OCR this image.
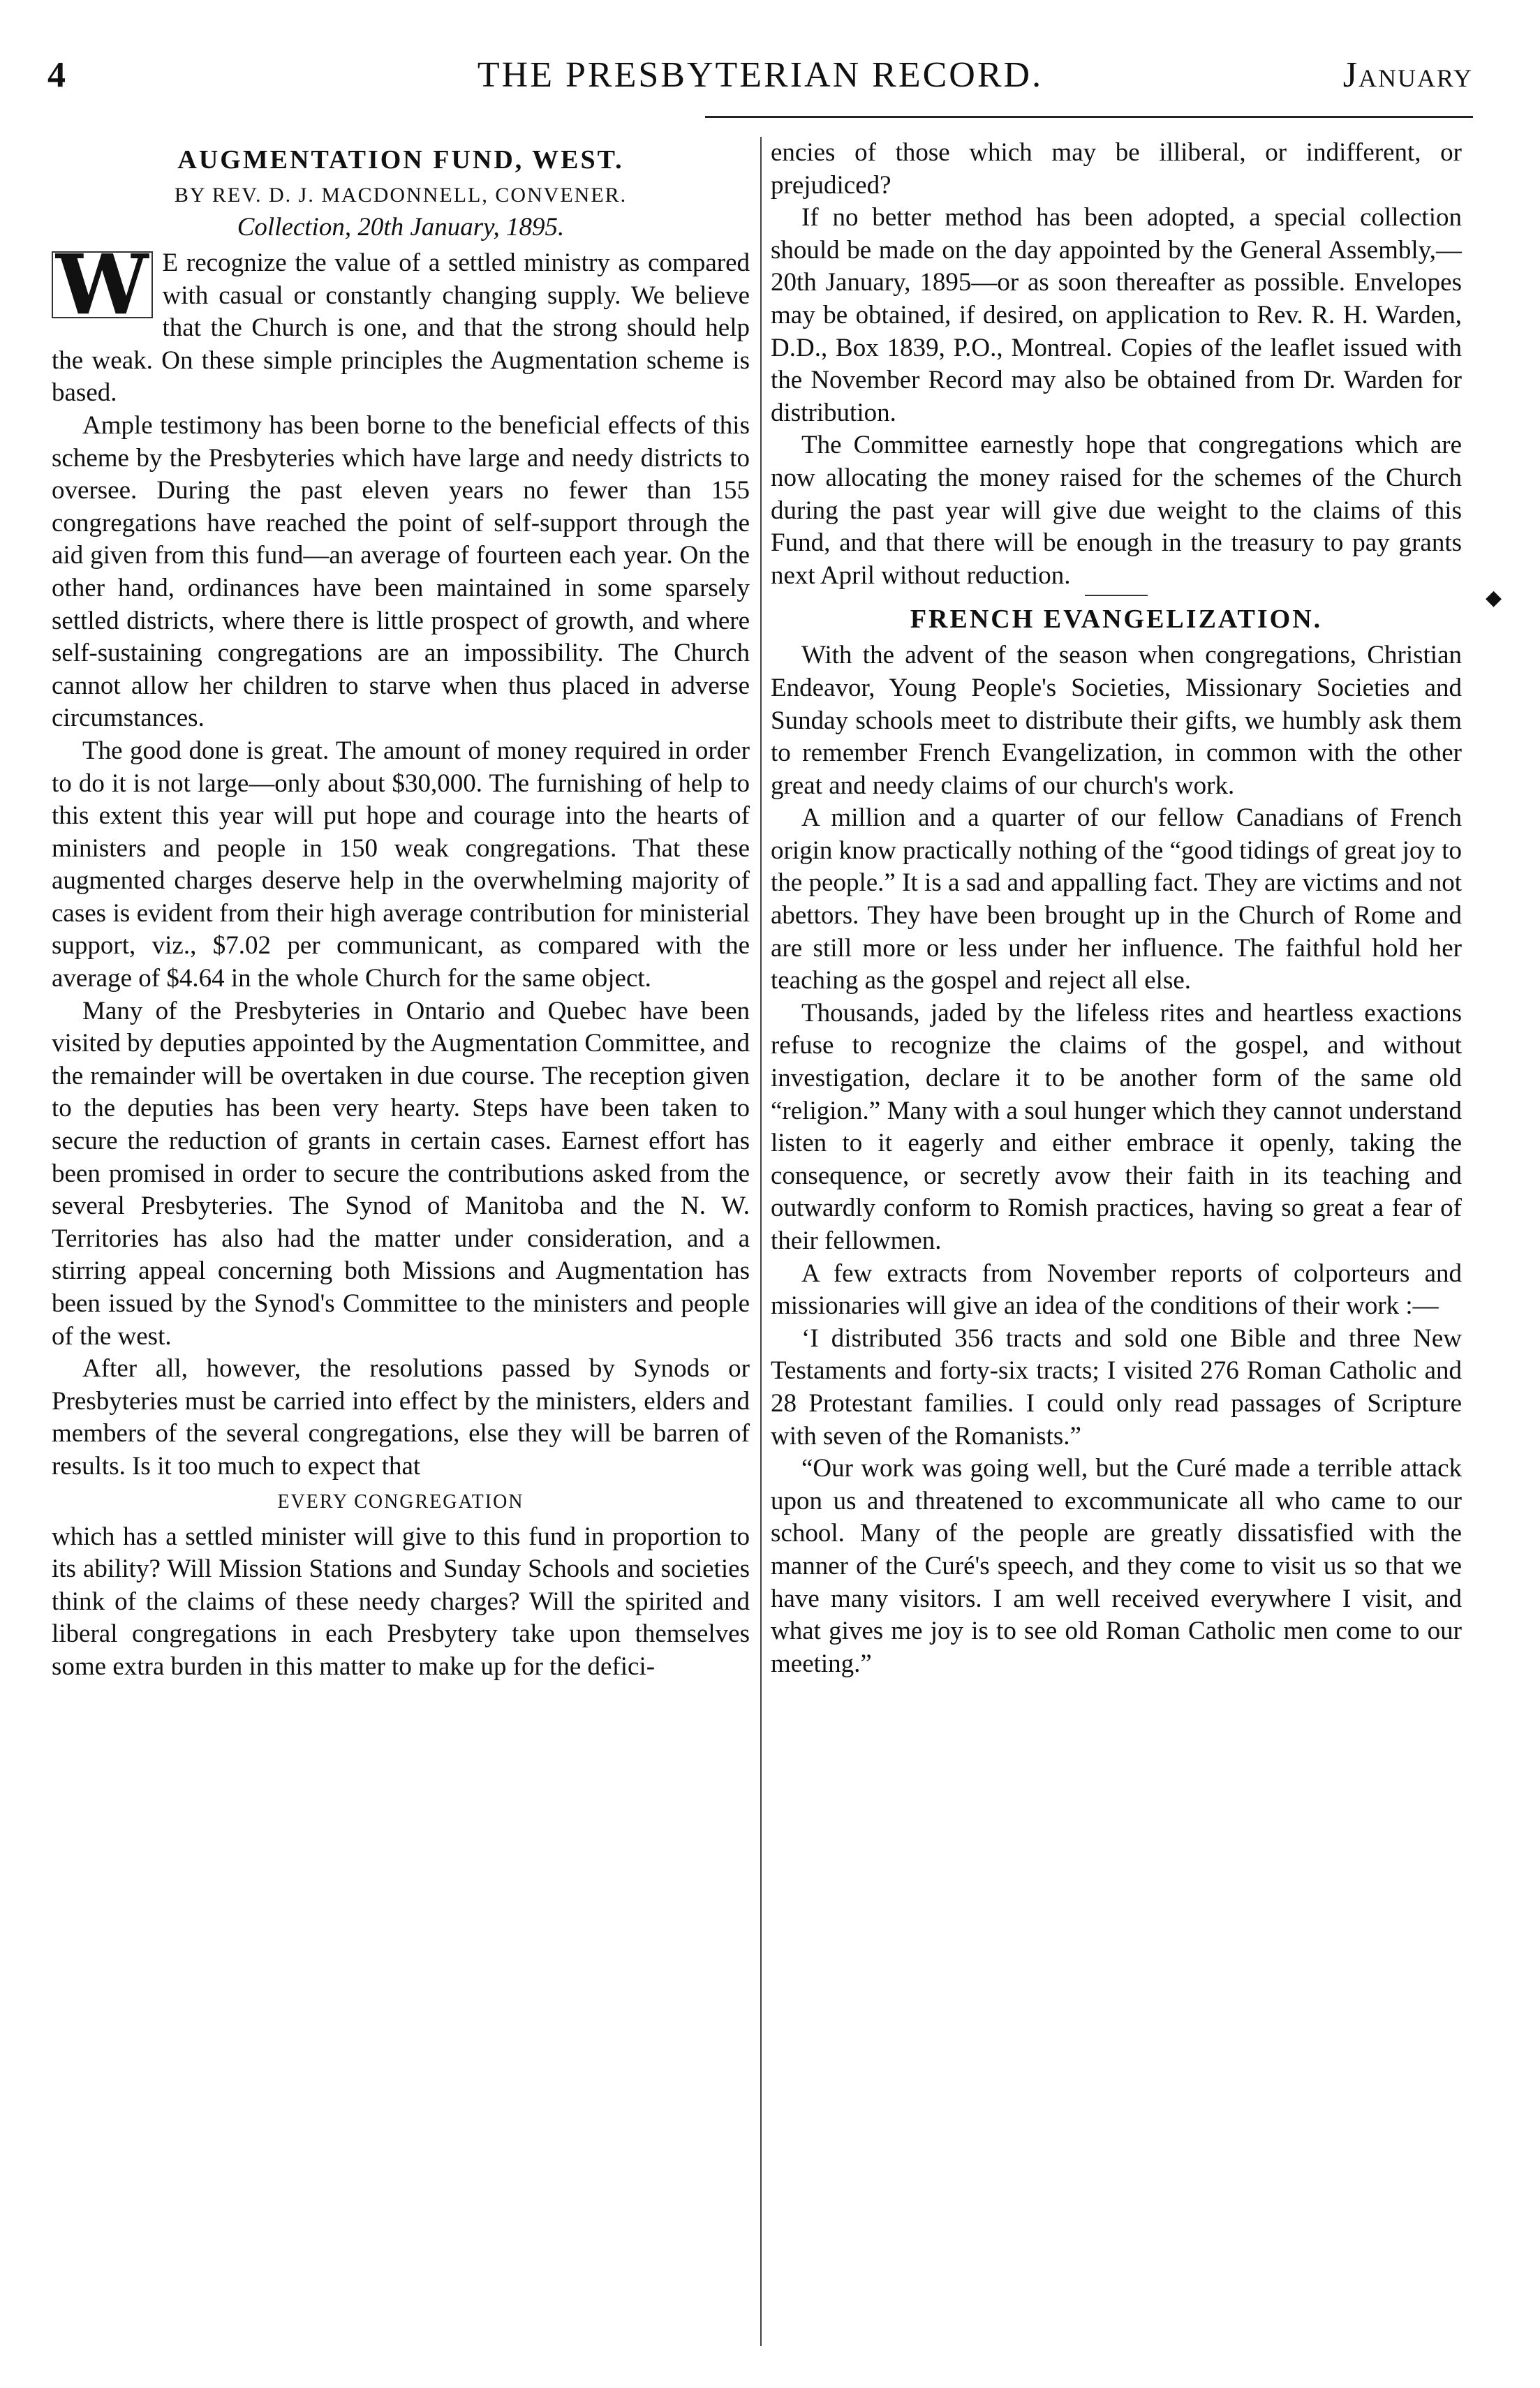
4	THE PRESBYTERIAN RECORD.	January
AUGMENTATION FUND, WEST.
BY REV. D. J. MACDONNELL, CONVENER.
Collection, 20th January, 1895.

W E recognize the value of a settled ministry as compared with casual or constantly changing supply. We believe that the Church is one, and that the strong should help the weak. On these simple principles the Augmentation scheme is based.

Ample testimony has been borne to the beneficial effects of this scheme by the Presbyteries which have large and needy districts to oversee. During the past eleven years no fewer than 155 congregations have reached the point of self-support through the aid given from this fund—an average of fourteen each year. On the other hand, ordinances have been maintained in some sparsely settled districts, where there is little prospect of growth, and where self-sustaining congregations are an impossibility. The Church cannot allow her children to starve when thus placed in adverse circumstances.

The good done is great. The amount of money required in order to do it is not large—only about $30,000. The furnishing of help to this extent this year will put hope and courage into the hearts of ministers and people in 150 weak congregations. That these augmented charges deserve help in the overwhelming majority of cases is evident from their high average contribution for ministerial support, viz., $7.02 per communicant, as compared with the average of $4.64 in the whole Church for the same object.

Many of the Presbyteries in Ontario and Quebec have been visited by deputies appointed by the Augmentation Committee, and the remainder will be overtaken in due course. The reception given to the deputies has been very hearty. Steps have been taken to secure the reduction of grants in certain cases. Earnest effort has been promised in order to secure the contributions asked from the several Presbyteries. The Synod of Manitoba and the N. W. Territories has also had the matter under consideration, and a stirring appeal concerning both Missions and Augmentation has been issued by the Synod's Committee to the ministers and people of the west.

After all, however, the resolutions passed by Synods or Presbyteries must be carried into effect by the ministers, elders and members of the several congregations, else they will be barren of results. Is it too much to expect that

EVERY CONGREGATION

which has a settled minister will give to this fund in proportion to its ability? Will Mission Stations and Sunday Schools and societies think of the claims of these needy charges? Will the spirited and liberal congregations in each Presbytery take upon themselves some extra burden in this matter to make up for the defici-

encies of those which may be illiberal, or indifferent, or prejudiced?

If no better method has been adopted, a special collection should be made on the day appointed by the General Assembly,—20th January, 1895—or as soon thereafter as possible. Envelopes may be obtained, if desired, on application to Rev. R. H. Warden, D.D., Box 1839, P.O., Montreal. Copies of the leaflet issued with the November Record may also be obtained from Dr. Warden for distribution.

The Committee earnestly hope that congregations which are now allocating the money raised for the schemes of the Church during the past year will give due weight to the claims of this Fund, and that there will be enough in the treasury to pay grants next April without reduction.

FRENCH EVANGELIZATION.

With the advent of the season when congregations, Christian Endeavor, Young People's Societies, Missionary Societies and Sunday schools meet to distribute their gifts, we humbly ask them to remember French Evangelization, in common with the other great and needy claims of our church's work.

A million and a quarter of our fellow Canadians of French origin know practically nothing of the “good tidings of great joy to the people.” It is a sad and appalling fact. They are victims and not abettors. They have been brought up in the Church of Rome and are still more or less under her influence. The faithful hold her teaching as the gospel and reject all else.

Thousands, jaded by the lifeless rites and heartless exactions refuse to recognize the claims of the gospel, and without investigation, declare it to be another form of the same old “religion.” Many with a soul hunger which they cannot understand listen to it eagerly and either embrace it openly, taking the consequence, or secretly avow their faith in its teaching and outwardly conform to Romish practices, having so great a fear of their fellowmen.

A few extracts from November reports of colporteurs and missionaries will give an idea of the conditions of their work :—

‘I distributed 356 tracts and sold one Bible and three New Testaments and forty-six tracts; I visited 276 Roman Catholic and 28 Protestant families. I could only read passages of Scripture with seven of the Romanists.”

“Our work was going well, but the Curé made a terrible attack upon us and threatened to excommunicate all who came to our school. Many of the people are greatly dissatisfied with the manner of the Curé's speech, and they come to visit us so that we have many visitors. I am well received everywhere I visit, and what gives me joy is to see old Roman Catholic men come to our meeting.”

◆
